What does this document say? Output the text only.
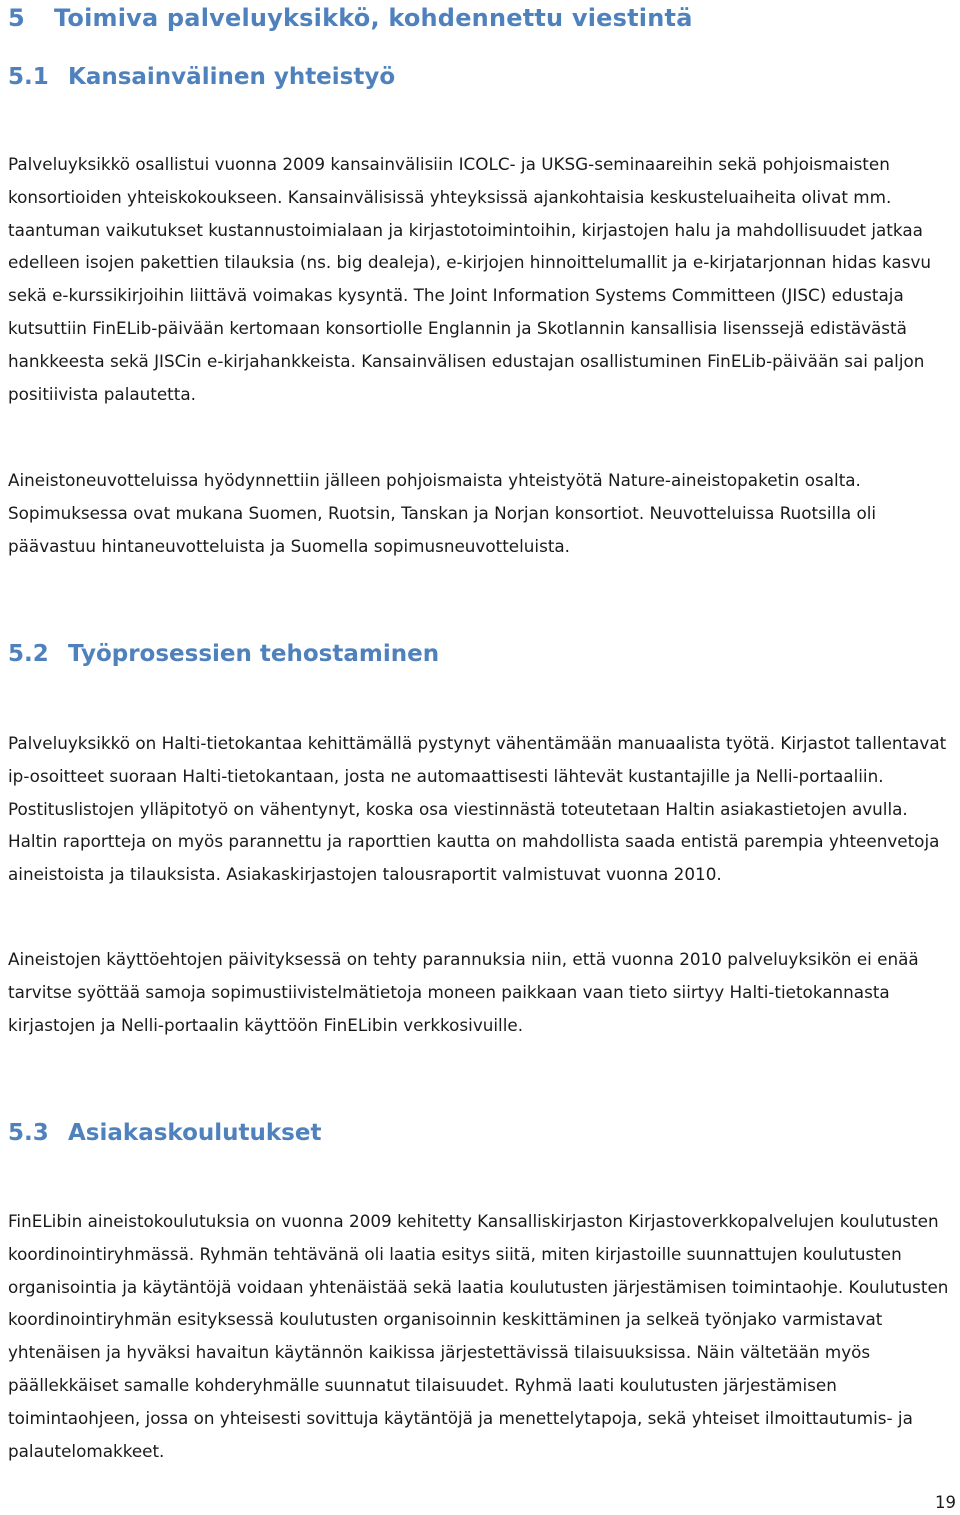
5 Toimiva palveluyksikkö, kohdennettu viestintä
5.1 Kansainvälinen yhteistyö

Palveluyksikkö osallistui vuonna 2009 kansainvälisiin ICOLC- ja UKSG-seminaareihin sekä pohjoismaisten konsortioiden yhteiskokoukseen. Kansainvälisissä yhteyksissä ajankohtaisia keskusteluaiheita olivat mm. taantuman vaikutukset kustannustoimialaan ja kirjastotoimintoihin, kirjastojen halu ja mahdollisuudet jatkaa edelleen isojen pakettien tilauksia (ns. big dealeja), e-kirjojen hinnoittelumallit ja e-kirjatarjonnan hidas kasvu sekä e-kurssikirjoihin liittävä voimakas kysyntä. The Joint Information Systems Committeen (JISC) edustaja kutsuttiin FinELib-päivään kertomaan konsortiolle Englannin ja Skotlannin kansallisia lisenssejä edistävästä hankkeesta sekä JISCin e-kirjahankkeista. Kansainvälisen edustajan osallistuminen FinELib-päivään sai paljon positiivista palautetta.

Aineistoneuvotteluissa hyödynnettiin jälleen pohjoismaista yhteistyötä Nature-aineistopaketin osalta. Sopimuksessa ovat mukana Suomen, Ruotsin, Tanskan ja Norjan konsortiot. Neuvotteluissa Ruotsilla oli päävastuu hintaneuvotteluista ja Suomella sopimusneuvotteluista.

5.2 Työprosessien tehostaminen

Palveluyksikkö on Halti-tietokantaa kehittämällä pystynyt vähentämään manuaalista työtä. Kirjastot tallentavat ip-osoitteet suoraan Halti-tietokantaan, josta ne automaattisesti lähtevät kustantajille ja Nelli-portaaliin. Postituslistojen ylläpitotyö on vähentynyt, koska osa viestinnästä toteutetaan Haltin asiakastietojen avulla. Haltin raportteja on myös parannettu ja raporttien kautta on mahdollista saada entistä parempia yhteenvetoja aineistoista ja tilauksista. Asiakaskirjastojen talousraportit valmistuvat vuonna 2010.

Aineistojen käyttöehtojen päivityksessä on tehty parannuksia niin, että vuonna 2010 palveluyksikön ei enää tarvitse syöttää samoja sopimustiivistelmätietoja moneen paikkaan vaan tieto siirtyy Halti-tietokannasta kirjastojen ja Nelli-portaalin käyttöön FinELibin verkkosivuille.

5.3 Asiakaskoulutukset

FinELibin aineistokoulutuksia on vuonna 2009 kehitetty Kansalliskirjaston Kirjastoverkkopalvelujen koulutusten koordinointiryhmässä. Ryhmän tehtävänä oli laatia esitys siitä, miten kirjastoille suunnattujen koulutusten organisointia ja käytäntöjä voidaan yhtenäistää sekä laatia koulutusten järjestämisen toimintaohje. Koulutusten koordinointiryhmän esityksessä koulutusten organisoinnin keskittäminen ja selkeä työnjako varmistavat yhtenäisen ja hyväksi havaitun käytännön kaikissa järjestettävissä tilaisuuksissa. Näin vältetään myös päällekkäiset samalle kohderyhmälle suunnatut tilaisuudet. Ryhmä laati koulutusten järjestämisen toimintaohjeen, jossa on yhteisesti sovittuja käytäntöjä ja menettelytapoja, sekä yhteiset ilmoittautumis- ja palautelomakkeet.

19
